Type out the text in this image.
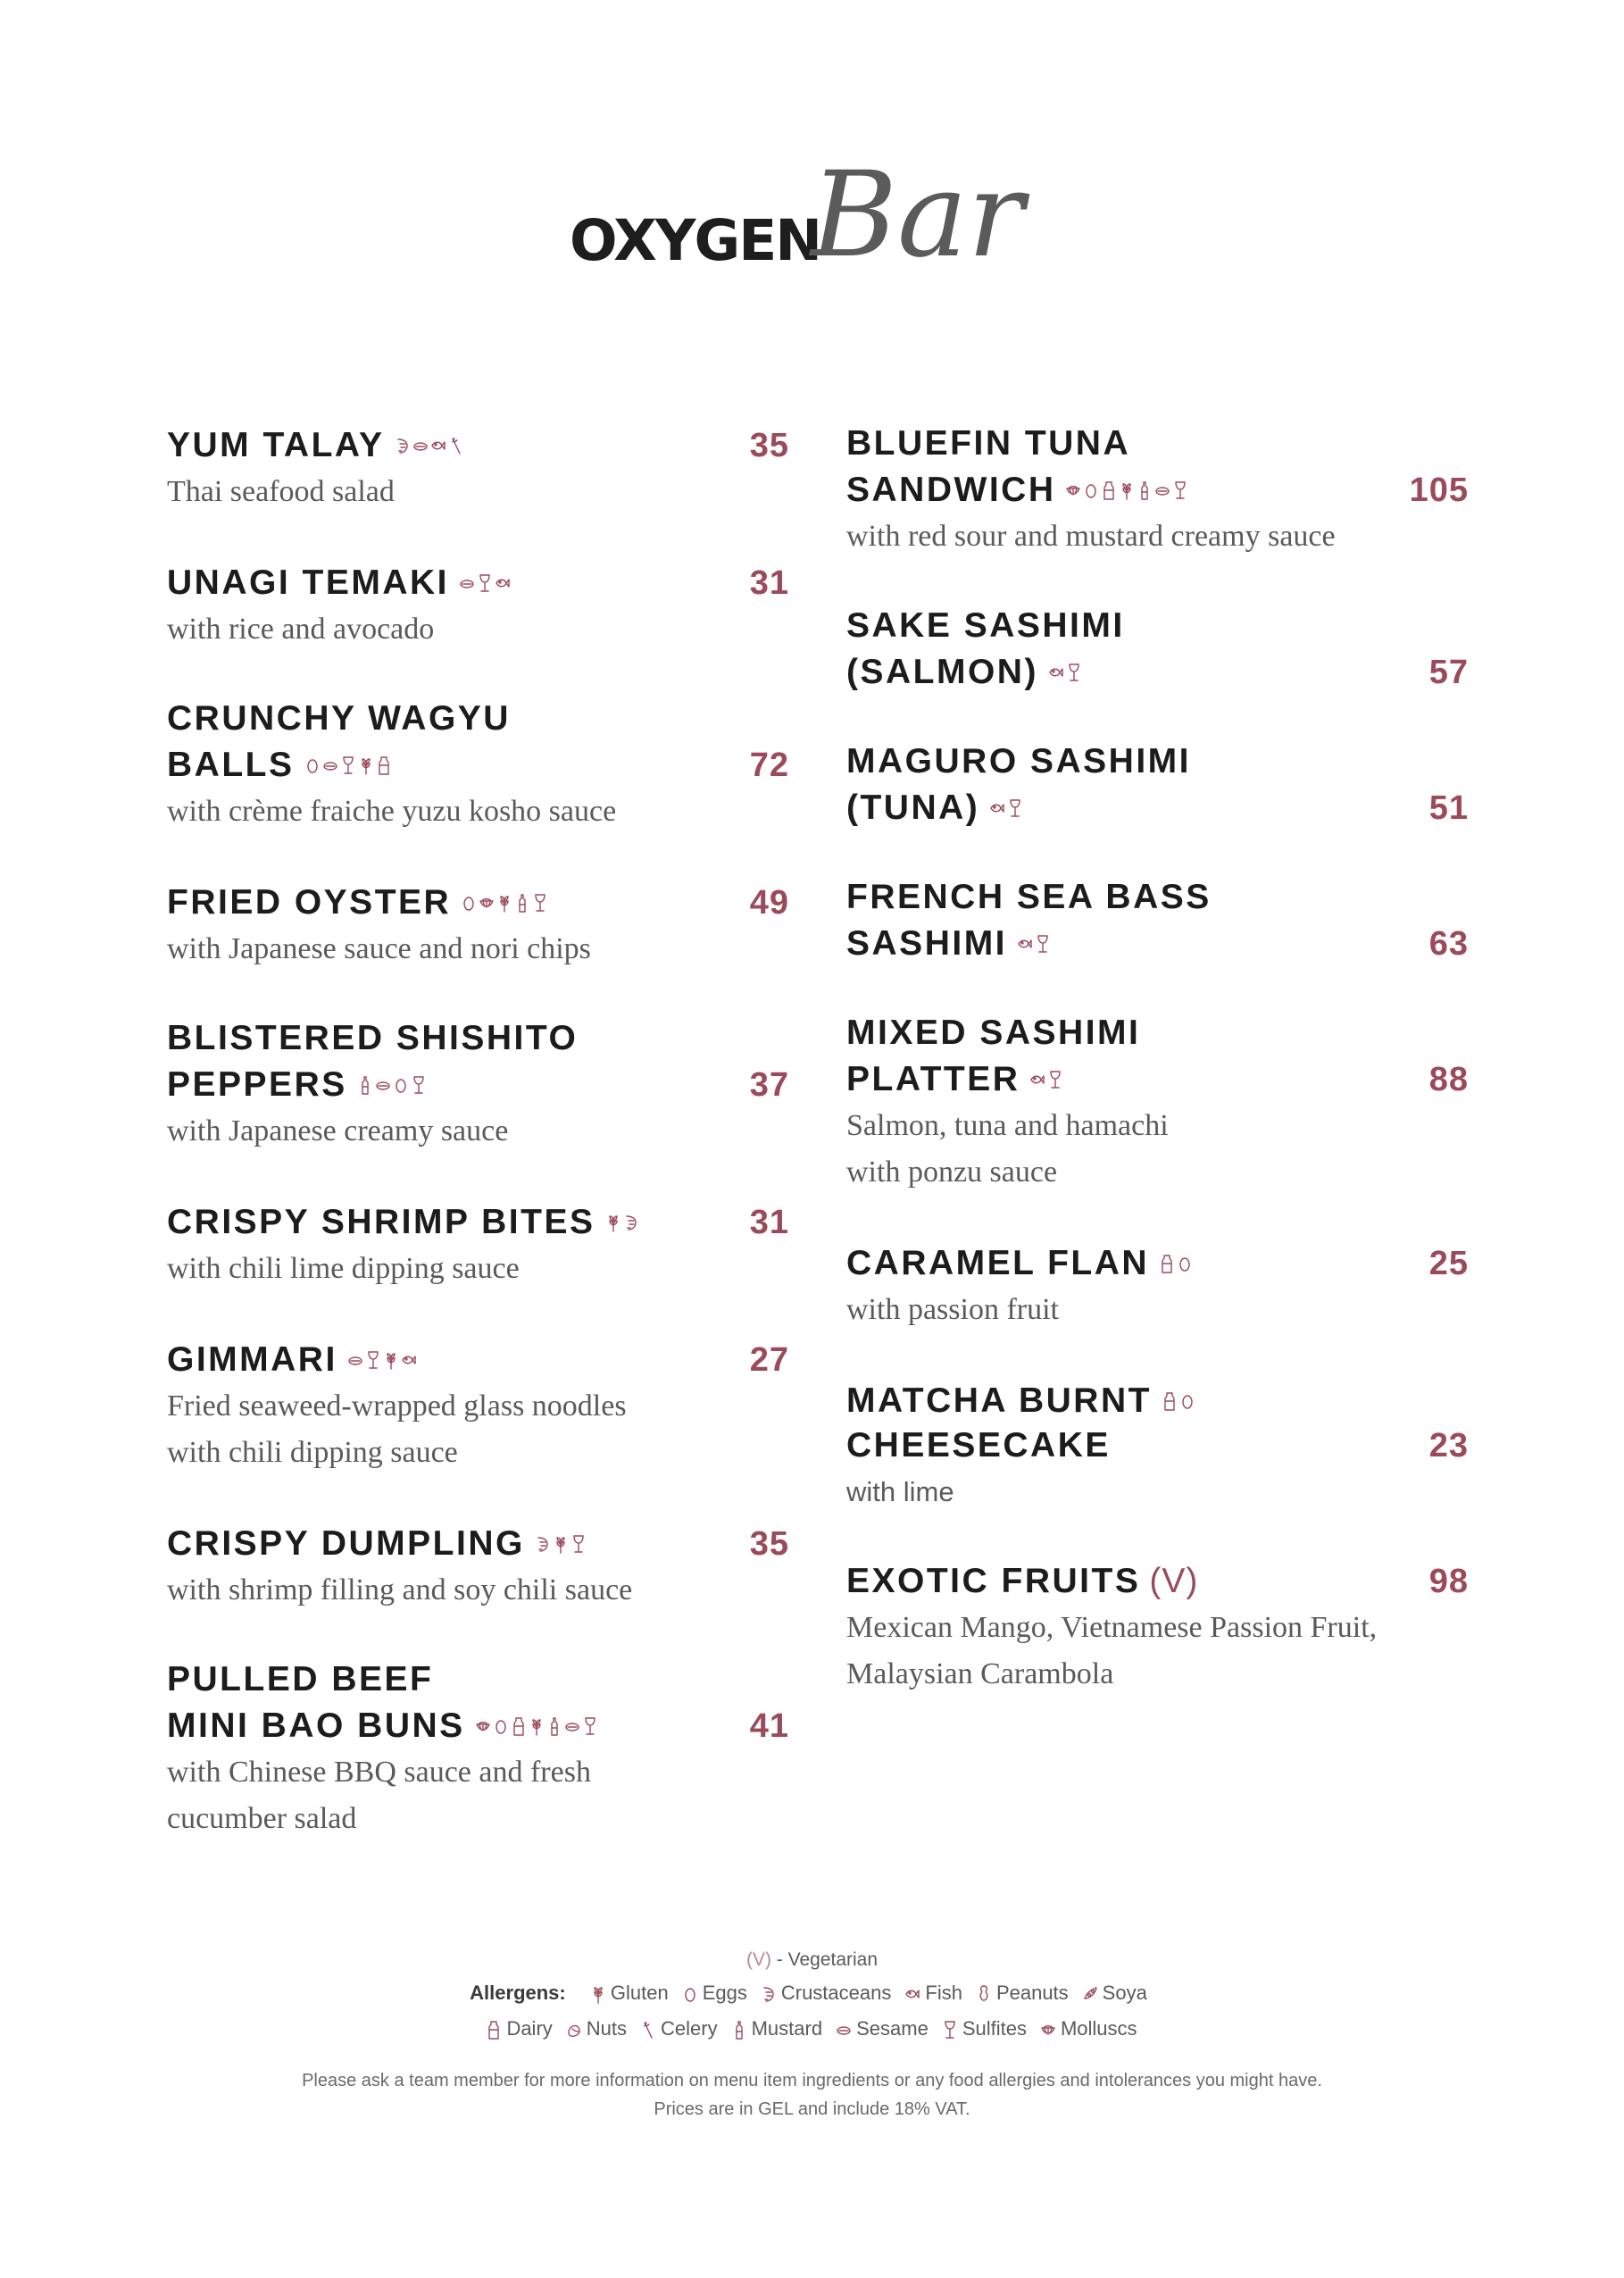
OXYGEN
Bar
YUM TALAY	35
Thai seafood salad
UNAGI TEMAKI	31
with rice and avocado
CRUNCHY WAGYU
BALLS	72
with crème fraiche yuzu kosho sauce
FRIED OYSTER	49
with Japanese sauce and nori chips
BLISTERED SHISHITO
PEPPERS	37
with Japanese creamy sauce
CRISPY SHRIMP BITES	31
with chili lime dipping sauce
GIMMARI	27
Fried seaweed-wrapped glass noodles
with chili dipping sauce
CRISPY DUMPLING	35
with shrimp filling and soy chili sauce
PULLED BEEF
MINI BAO BUNS	41
with Chinese BBQ sauce and fresh
cucumber salad
BLUEFIN TUNA
SANDWICH	105
with red sour and mustard creamy sauce
SAKE SASHIMI
(SALMON)	57
MAGURO SASHIMI
(TUNA)	51
FRENCH SEA BASS
SASHIMI	63
MIXED SASHIMI
PLATTER	88
Salmon, tuna and hamachi
with ponzu sauce
CARAMEL FLAN	25
with passion fruit
MATCHA BURNT
CHEESECAKE	23
with lime
EXOTIC FRUITS (V)	98
Mexican Mango, Vietnamese Passion Fruit,
Malaysian Carambola
(V) - Vegetarian
Allergens: Gluten Eggs Crustaceans Fish Peanuts Soya
Dairy Nuts Celery Mustard Sesame Sulfites Molluscs
Please ask a team member for more information on menu item ingredients or any food allergies and intolerances you might have.
Prices are in GEL and include 18% VAT.
